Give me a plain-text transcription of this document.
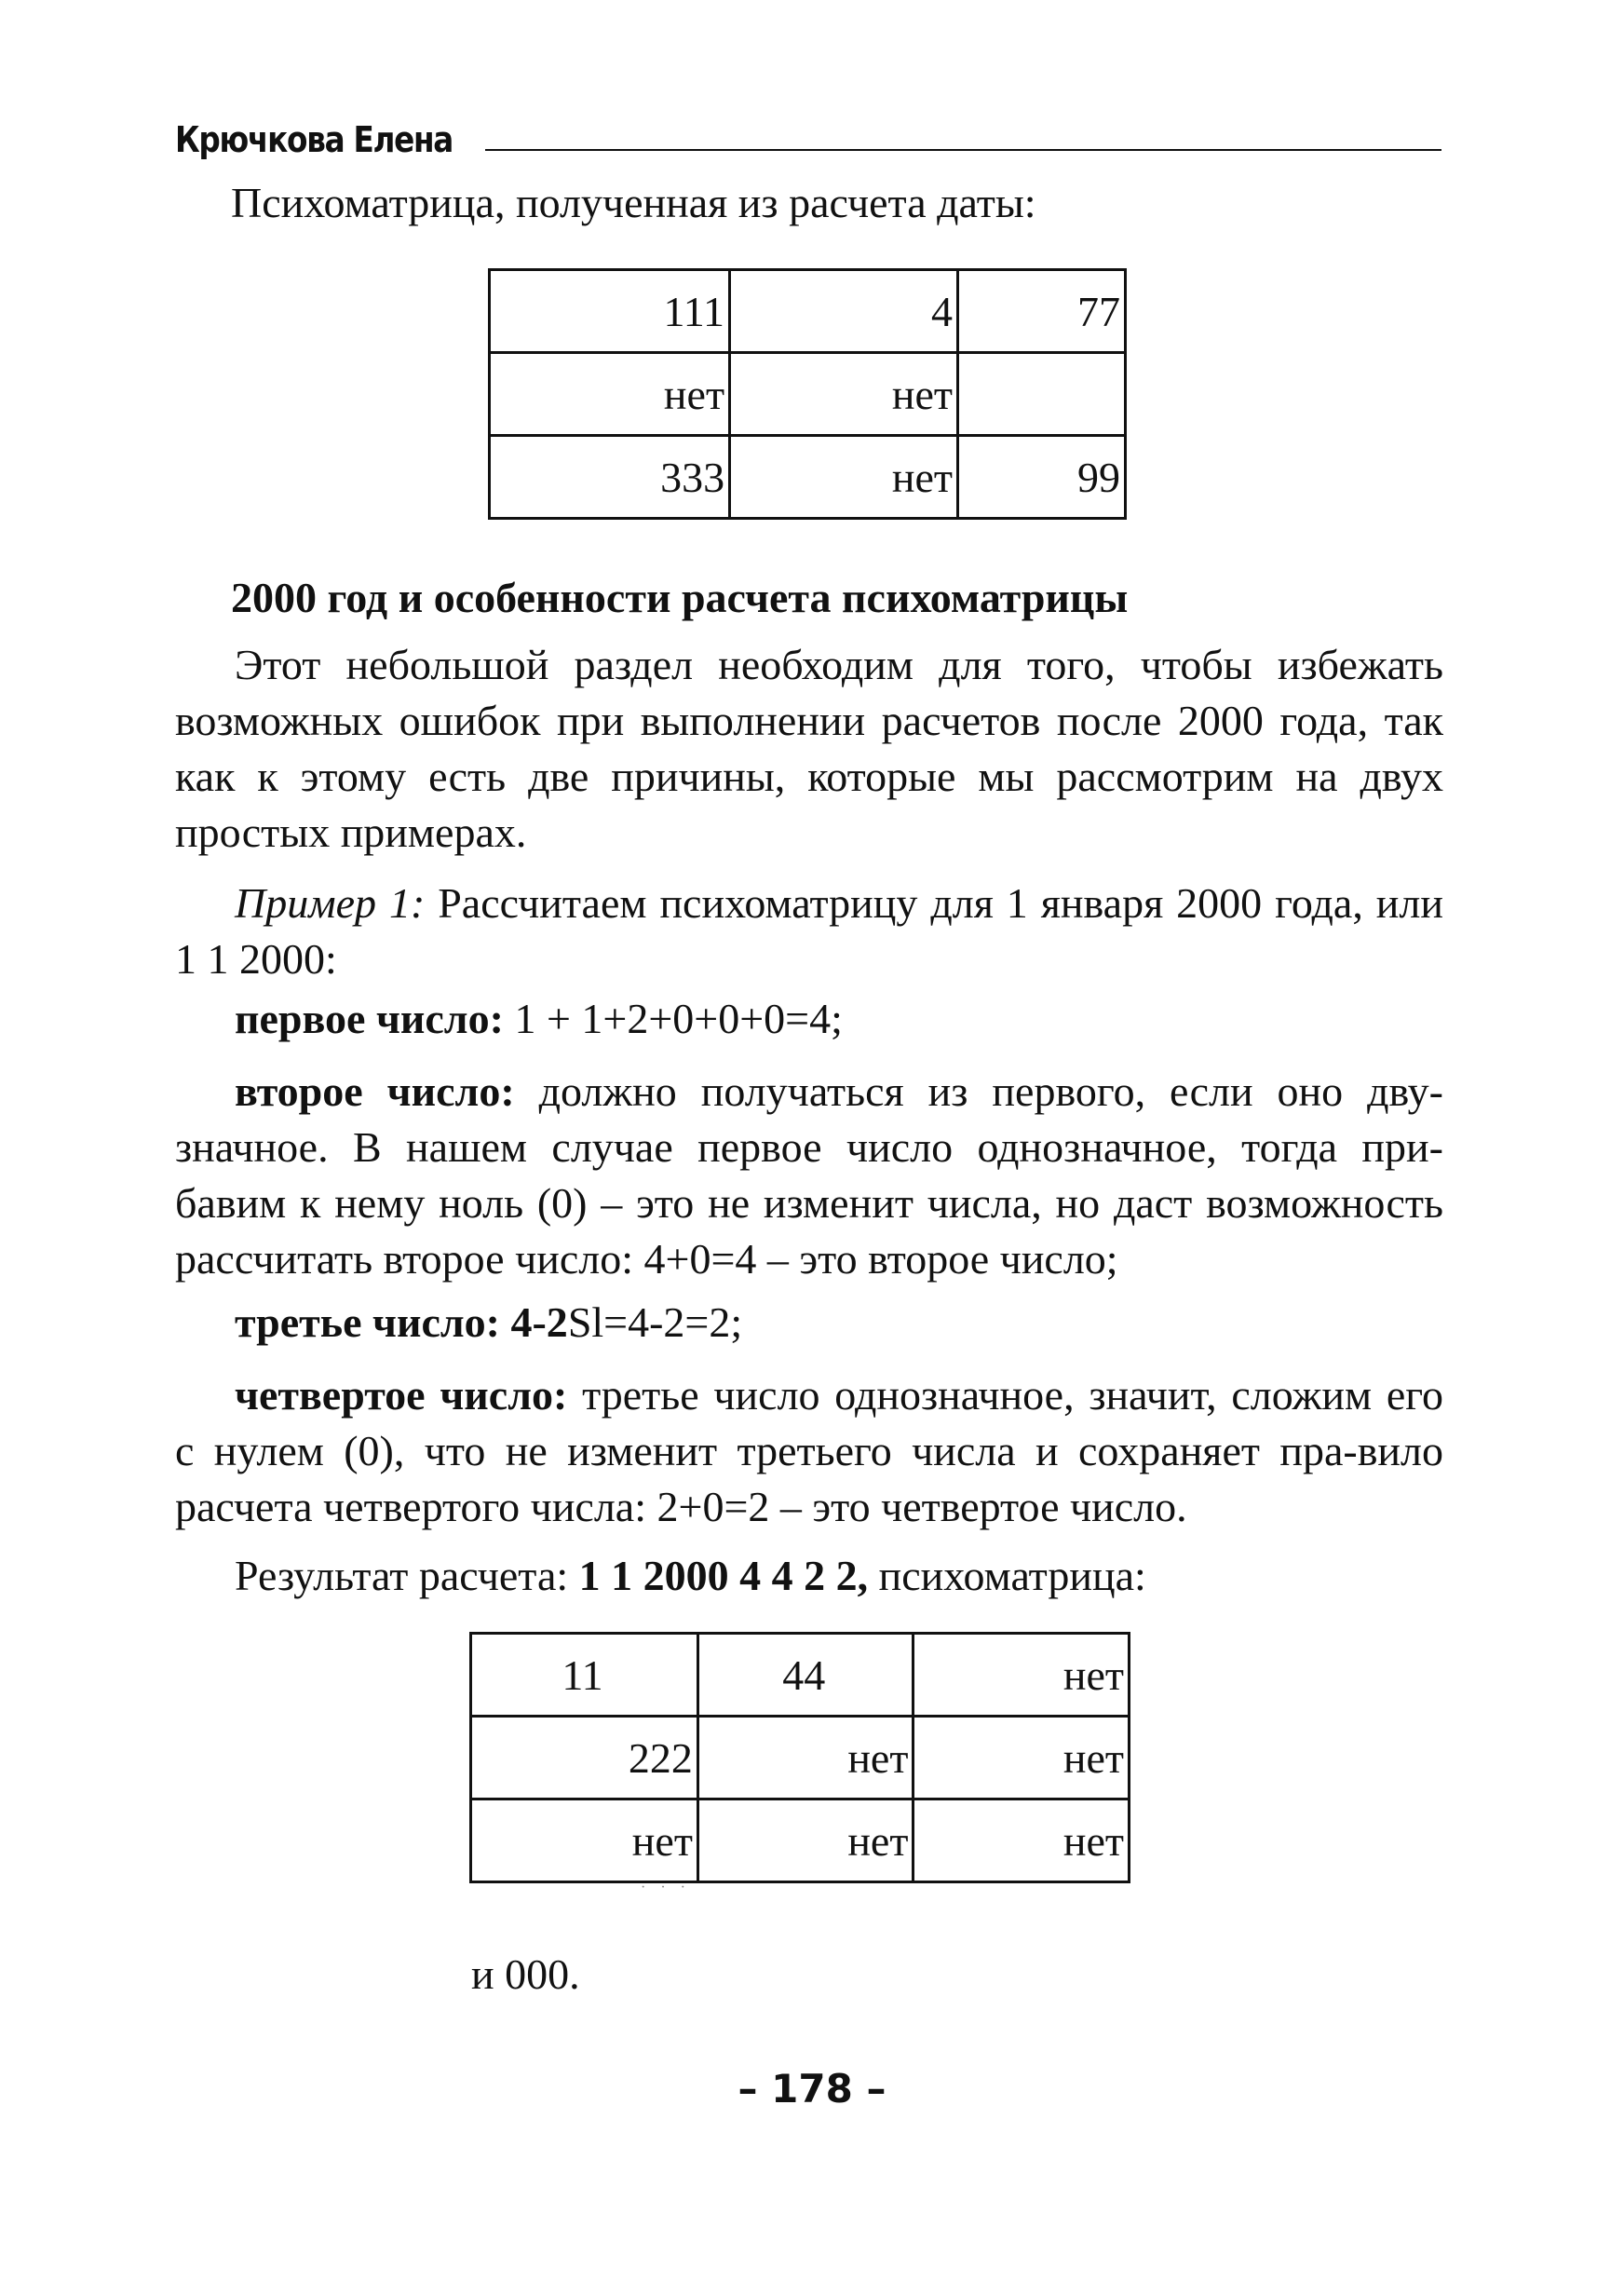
Крючкова Елена

Психоматрица, полученная из расчета даты:

111	4	77
нет	нет	
333	нет	99

2000 год и особенности расчета психоматрицы

Этот небольшой раздел необходим для того, чтобы избежать возможных ошибок при выполнении расчетов после 2000 года, так как к этому есть две причины, которые мы рассмотрим на двух простых примерах.

Пример 1: Рассчитаем психоматрицу для 1 января 2000 года, или 1 1 2000:

первое число: 1 + 1+2+0+0+0=4;

второе число: должно получаться из первого, если оно дву-значное. В нашем случае первое число однозначное, тогда при-бавим к нему ноль (0) – это не изменит числа, но даст возможность рассчитать второе число: 4+0=4 – это второе число;

третье число: 4-2Sl=4-2=2;

четвертое число: третье число однозначное, значит, сложим его с нулем (0), что не изменит третьего числа и сохраняет пра-вило расчета четвертого числа: 2+0=2 – это четвертое число.

Результат расчета: 1 1 2000 4 4 2 2, психоматрица:

11	44	нет
222	нет	нет
нет	нет	нет
· · ·

и 000.

– 178 –
